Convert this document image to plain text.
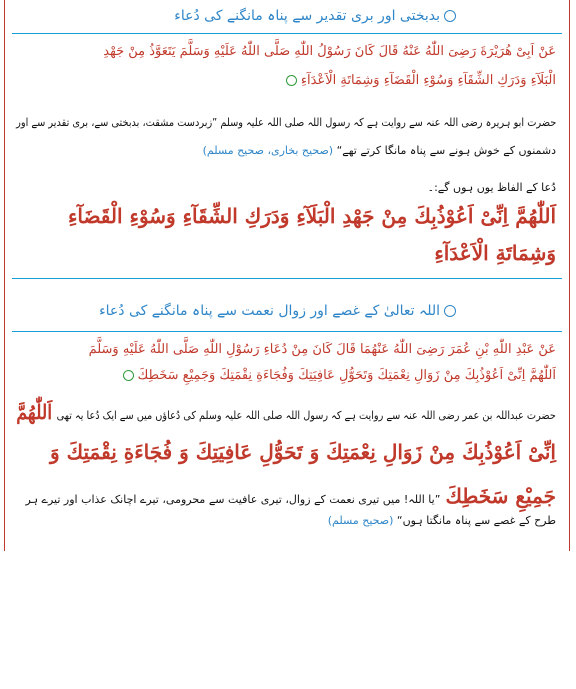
بدبختی اور بری تقدیر سے پناہ مانگنے کی دُعاء
عَنْ اَبِیْ هُرَیْرَةَ رَضِیَ اللّٰهُ عَنْهُ قَالَ کَانَ رَسُوْلُ اللّٰهِ صَلَّی اللّٰهُ عَلَیْهِ وَسَلَّمَ یَتَعَوَّذُ مِنْ جَهْدِ
الْبَلَآءِ وَدَرَكِ الشِّقَآءِ وَسُوْءِ الْقَضَآءِ وَشِمَاتَةِ الْاَعْدَآءِ
حضرت ابو ہریرہ رضی اللہ عنہ سے روایت ہے کہ رسول اللہ صلی اللہ علیہ وسلم ”زبردست مشقت، بدبختی سے، بری تقدیر سے اور
دشمنوں کے خوش ہونے سے پناہ مانگا کرتے تھے“ (صحیح بخاری، صحیح مسلم)
دُعا کے الفاظ یوں ہوں گے:۔
اَللّٰهُمَّ اِنِّیْ اَعُوْذُبِكَ مِنْ جَهْدِ الْبَلَآءِ وَدَرَكِ الشِّقَآءِ وَسُوْءِ الْقَضَآءِ
وَشِمَاتَةِ الْاَعْدَآءِ
اللہ تعالیٰ کے غصے اور زوال نعمت سے پناہ مانگنے کی دُعاء
عَنْ عَبْدِ اللّٰهِ بْنِ عُمَرَ رَضِیَ اللّٰهُ عَنْهُمَا قَالَ کَانَ مِنْ دُعَاءِ رَسُوْلِ اللّٰهِ صَلَّی اللّٰهُ عَلَیْهِ وَسَلَّمَ
اَللّٰهُمَّ اِنِّیْ اَعُوْذُبِكَ مِنْ زَوَالِ نِعْمَتِكَ وَتَحَوُّلِ عَافِیَتِكَ وَفُجَاءَةِ نِقْمَتِكَ وَجَمِیْعِ سَخَطِكَ
حضرت عبداللہ بن عمر رضی اللہ عنہ سے روایت ہے کہ رسول اللہ صلی اللہ علیہ وسلم کی دُعاؤں میں سے ایک دُعا یہ تھی اَللّٰهُمَّ
اِنِّیْ اَعُوْذُبِكَ مِنْ زَوَالِ نِعْمَتِكَ وَ تَحَوُّلِ عَافِیَتِكَ وَ فُجَاءَةِ نِقْمَتِكَ وَ
جَمِیْعِ سَخَطِكَ ”یا اللہ! میں تیری نعمت کے زوال، تیری عافیت سے محرومی، تیرے اچانک عذاب اور تیرے ہر
طرح کے غصے سے پناہ مانگتا ہوں“ (صحیح مسلم)
